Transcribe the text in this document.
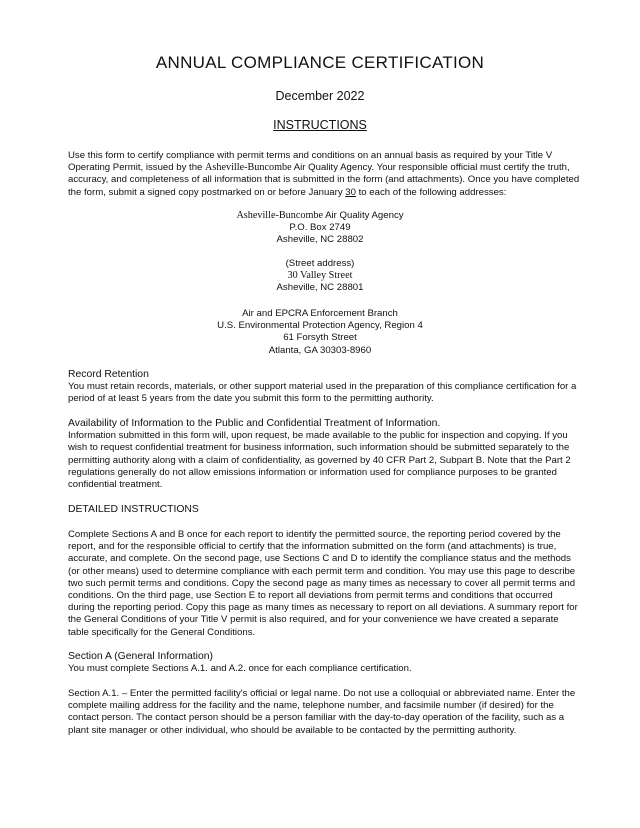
ANNUAL COMPLIANCE CERTIFICATION
December 2022
INSTRUCTIONS
Use this form to certify compliance with permit terms and conditions on an annual basis as required by your Title V Operating Permit, issued by the Asheville-Buncombe Air Quality Agency. Your responsible official must certify the truth, accuracy, and completeness of all information that is submitted in the form (and attachments). Once you have completed the form, submit a signed copy postmarked on or before January 30 to each of the following addresses:
Asheville-Buncombe Air Quality Agency
P.O. Box 2749
Asheville, NC 28802
(Street address)
30 Valley Street
Asheville, NC 28801
Air and EPCRA Enforcement Branch
U.S. Environmental Protection Agency, Region 4
61 Forsyth Street
Atlanta, GA 30303-8960
Record Retention
You must retain records, materials, or other support material used in the preparation of this compliance certification for a period of at least 5 years from the date you submit this form to the permitting authority.
Availability of Information to the Public and Confidential Treatment of Information.
Information submitted in this form will, upon request, be made available to the public for inspection and copying. If you wish to request confidential treatment for business information, such information should be submitted separately to the permitting authority along with a claim of confidentiality, as governed by 40 CFR Part 2, Subpart B. Note that the Part 2 regulations generally do not allow emissions information or information used for compliance purposes to be granted confidential treatment.
DETAILED INSTRUCTIONS
Complete Sections A and B once for each report to identify the permitted source, the reporting period covered by the report, and for the responsible official to certify that the information submitted on the form (and attachments) is true, accurate, and complete. On the second page, use Sections C and D to identify the compliance status and the methods (or other means) used to determine compliance with each permit term and condition. You may use this page to describe two such permit terms and conditions. Copy the second page as many times as necessary to cover all permit terms and conditions. On the third page, use Section E to report all deviations from permit terms and conditions that occurred during the reporting period. Copy this page as many times as necessary to report on all deviations. A summary report for the General Conditions of your Title V permit is also required, and for your convenience we have created a separate table specifically for the General Conditions.
Section A (General Information)
You must complete Sections A.1. and A.2. once for each compliance certification.
Section A.1. – Enter the permitted facility's official or legal name. Do not use a colloquial or abbreviated name. Enter the complete mailing address for the facility and the name, telephone number, and facsimile number (if desired) for the contact person. The contact person should be a person familiar with the day-to-day operation of the facility, such as a plant site manager or other individual, who should be available to be contacted by the permitting authority.
